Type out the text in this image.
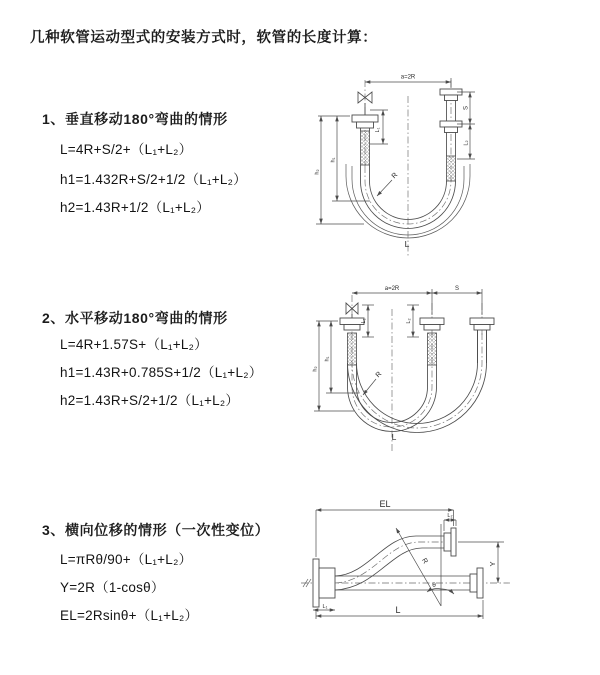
几种软管运动型式的安装方式时，软管的长度计算：
1、垂直移动180°弯曲的情形
L=4R+S/2+（L₁+L₂）
h1=1.432R+S/2+1/2（L₁+L₂）
h2=1.43R+1/2（L₁+L₂）
2、水平移动180°弯曲的情形
L=4R+1.57S+（L₁+L₂）
h1=1.43R+0.785S+1/2（L₁+L₂）
h2=1.43R+S/2+1/2（L₁+L₂）
3、横向位移的情形（一次性变位）
L=πRθ/90+（L₁+L₂）
Y=2R（1-cosθ）
EL=2Rsinθ+（L₁+L₂）
a=2R
L₁
S
L₂
h₁
h₂	R
L
a=2R	S
L₁	L₂
h₁
h₂
R
L
EL
L₂
Y
θ
R
L₁	L
